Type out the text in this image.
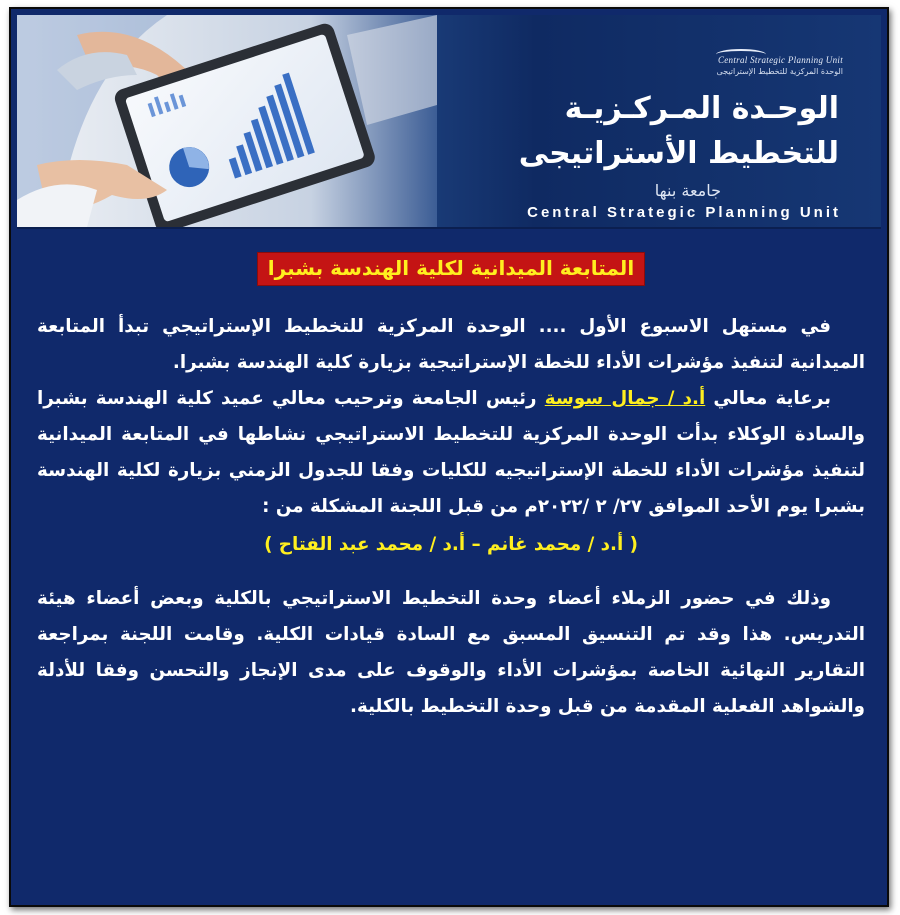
Central Strategic Planning Unit
الوحدة المركزية للتخطيط الإستراتيجى
الوحـدة المـركـزيـة
للتخطيط الأستراتيجى
جامعة بنها
Central Strategic Planning Unit
المتابعة الميدانية لكلية الهندسة بشبرا

في مستهل الاسبوع الأول .... الوحدة المركزية للتخطيط الإستراتيجي تبدأ المتابعة الميدانية لتنفيذ مؤشرات الأداء للخطة الإستراتيجية بزيارة كلية الهندسة بشبرا.

برعاية معالي أ.د / جمال سوسة رئيس الجامعة وترحيب معالي عميد كلية الهندسة بشبرا والسادة الوكلاء بدأت الوحدة المركزية للتخطيط الاستراتيجي نشاطها في المتابعة الميدانية لتنفيذ مؤشرات الأداء للخطة الإستراتيجيه للكليات وفقا للجدول الزمني بزيارة لكلية الهندسة بشبرا يوم الأحد الموافق ٢٧/ ٢ /٢٠٢٢م من قبل اللجنة المشكلة من :

( أ.د / محمد غانم – أ.د / محمد عبد الفتاح )

وذلك في حضور الزملاء أعضاء وحدة التخطيط الاستراتيجي بالكلية وبعض أعضاء هيئة التدريس. هذا وقد تم التنسيق المسبق مع السادة قيادات الكلية. وقامت اللجنة بمراجعة التقارير النهائية الخاصة بمؤشرات الأداء والوقوف على مدى الإنجاز والتحسن وفقا للأدلة والشواهد الفعلية المقدمة من قبل وحدة التخطيط بالكلية.
